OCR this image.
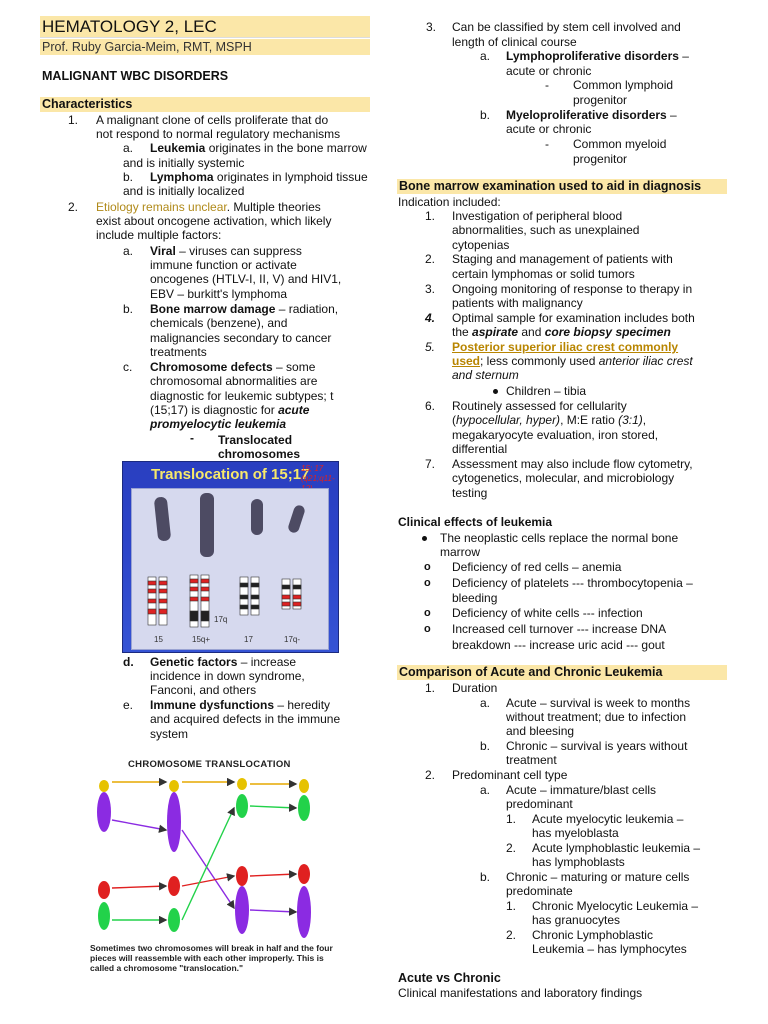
HEMATOLOGY 2, LEC
Prof. Ruby Garcia-Meim, RMT, MSPH
MALIGNANT WBC DISORDERS
Characteristics
1. A malignant clone of cells proliferate that do
not respond to normal regulatory mechanisms
a. Leukemia originates in the bone marrow
and is initially systemic
b. Lymphoma originates in lymphoid tissue
and is initially localized
2. Etiology remains unclear. Multiple theories
exist about oncogene activation, which likely
include multiple factors:
a. Viral – viruses can suppress
immune function or activate
oncogenes (HTLV-I, II, V) and HIV1,
EBV – burkitt's lymphoma
b. Bone marrow damage – radiation,
chemicals (benzene), and
malignancies secondary to cancer
treatments
c. Chromosome defects – some
chromosomal abnormalities are
diagnostic for leukemic subtypes; t
(15;17) is diagnostic for acute
promyelocytic leukemia
- Translocated
chromosomes
Translocation of 15;17
15; 17
(q21;q11-
17q
15	15q+	17	17q-
d. Genetic factors – increase
incidence in down syndrome,
Fanconi, and others
e. Immune dysfunctions – heredity
and acquired defects in the immune
system
CHROMOSOME TRANSLOCATION
Sometimes two chromosomes will break in half and the four pieces will reassemble with each other improperly. This is called a chromosome "translocation."
3. Can be classified by stem cell involved and
length of clinical course
a. Lymphoproliferative disorders –
acute or chronic
- Common lymphoid
progenitor
b. Myeloproliferative disorders –
acute or chronic
- Common myeloid
progenitor
Bone marrow examination used to aid in diagnosis
Indication included:
1. Investigation of peripheral blood
abnormalities, such as unexplained
cytopenias
2. Staging and management of patients with
certain lymphomas or solid tumors
3. Ongoing monitoring of response to therapy in
patients with malignancy
4. Optimal sample for examination includes both
the aspirate and core biopsy specimen
5. Posterior superior iliac crest commonly
used; less commonly used anterior iliac crest
and sternum
Children – tibia
6. Routinely assessed for cellularity
(hypocellular, hyper), M:E ratio (3:1),
megakaryocyte evaluation, iron stored,
differential
7. Assessment may also include flow cytometry,
cytogenetics, molecular, and microbiology
testing
Clinical effects of leukemia
The neoplastic cells replace the normal bone
marrow
o Deficiency of red cells – anemia
o Deficiency of platelets --- thrombocytopenia –
bleeding
o Deficiency of white cells --- infection
o Increased cell turnover --- increase DNA
breakdown --- increase uric acid --- gout
Comparison of Acute and Chronic Leukemia
1. Duration
a. Acute – survival is week to months
without treatment; due to infection
and bleesing
b. Chronic – survival is years without
treatment
2. Predominant cell type
a. Acute – immature/blast cells
predominant
1. Acute myelocytic leukemia –
has myeloblasta
2. Acute lymphoblastic leukemia –
has lymphoblasts
b. Chronic – maturing or mature cells
predominate
1. Chronic Myelocytic Leukemia –
has granuocytes
2. Chronic Lymphoblastic
Leukemia – has lymphocytes
Acute vs Chronic
Clinical manifestations and laboratory findings
